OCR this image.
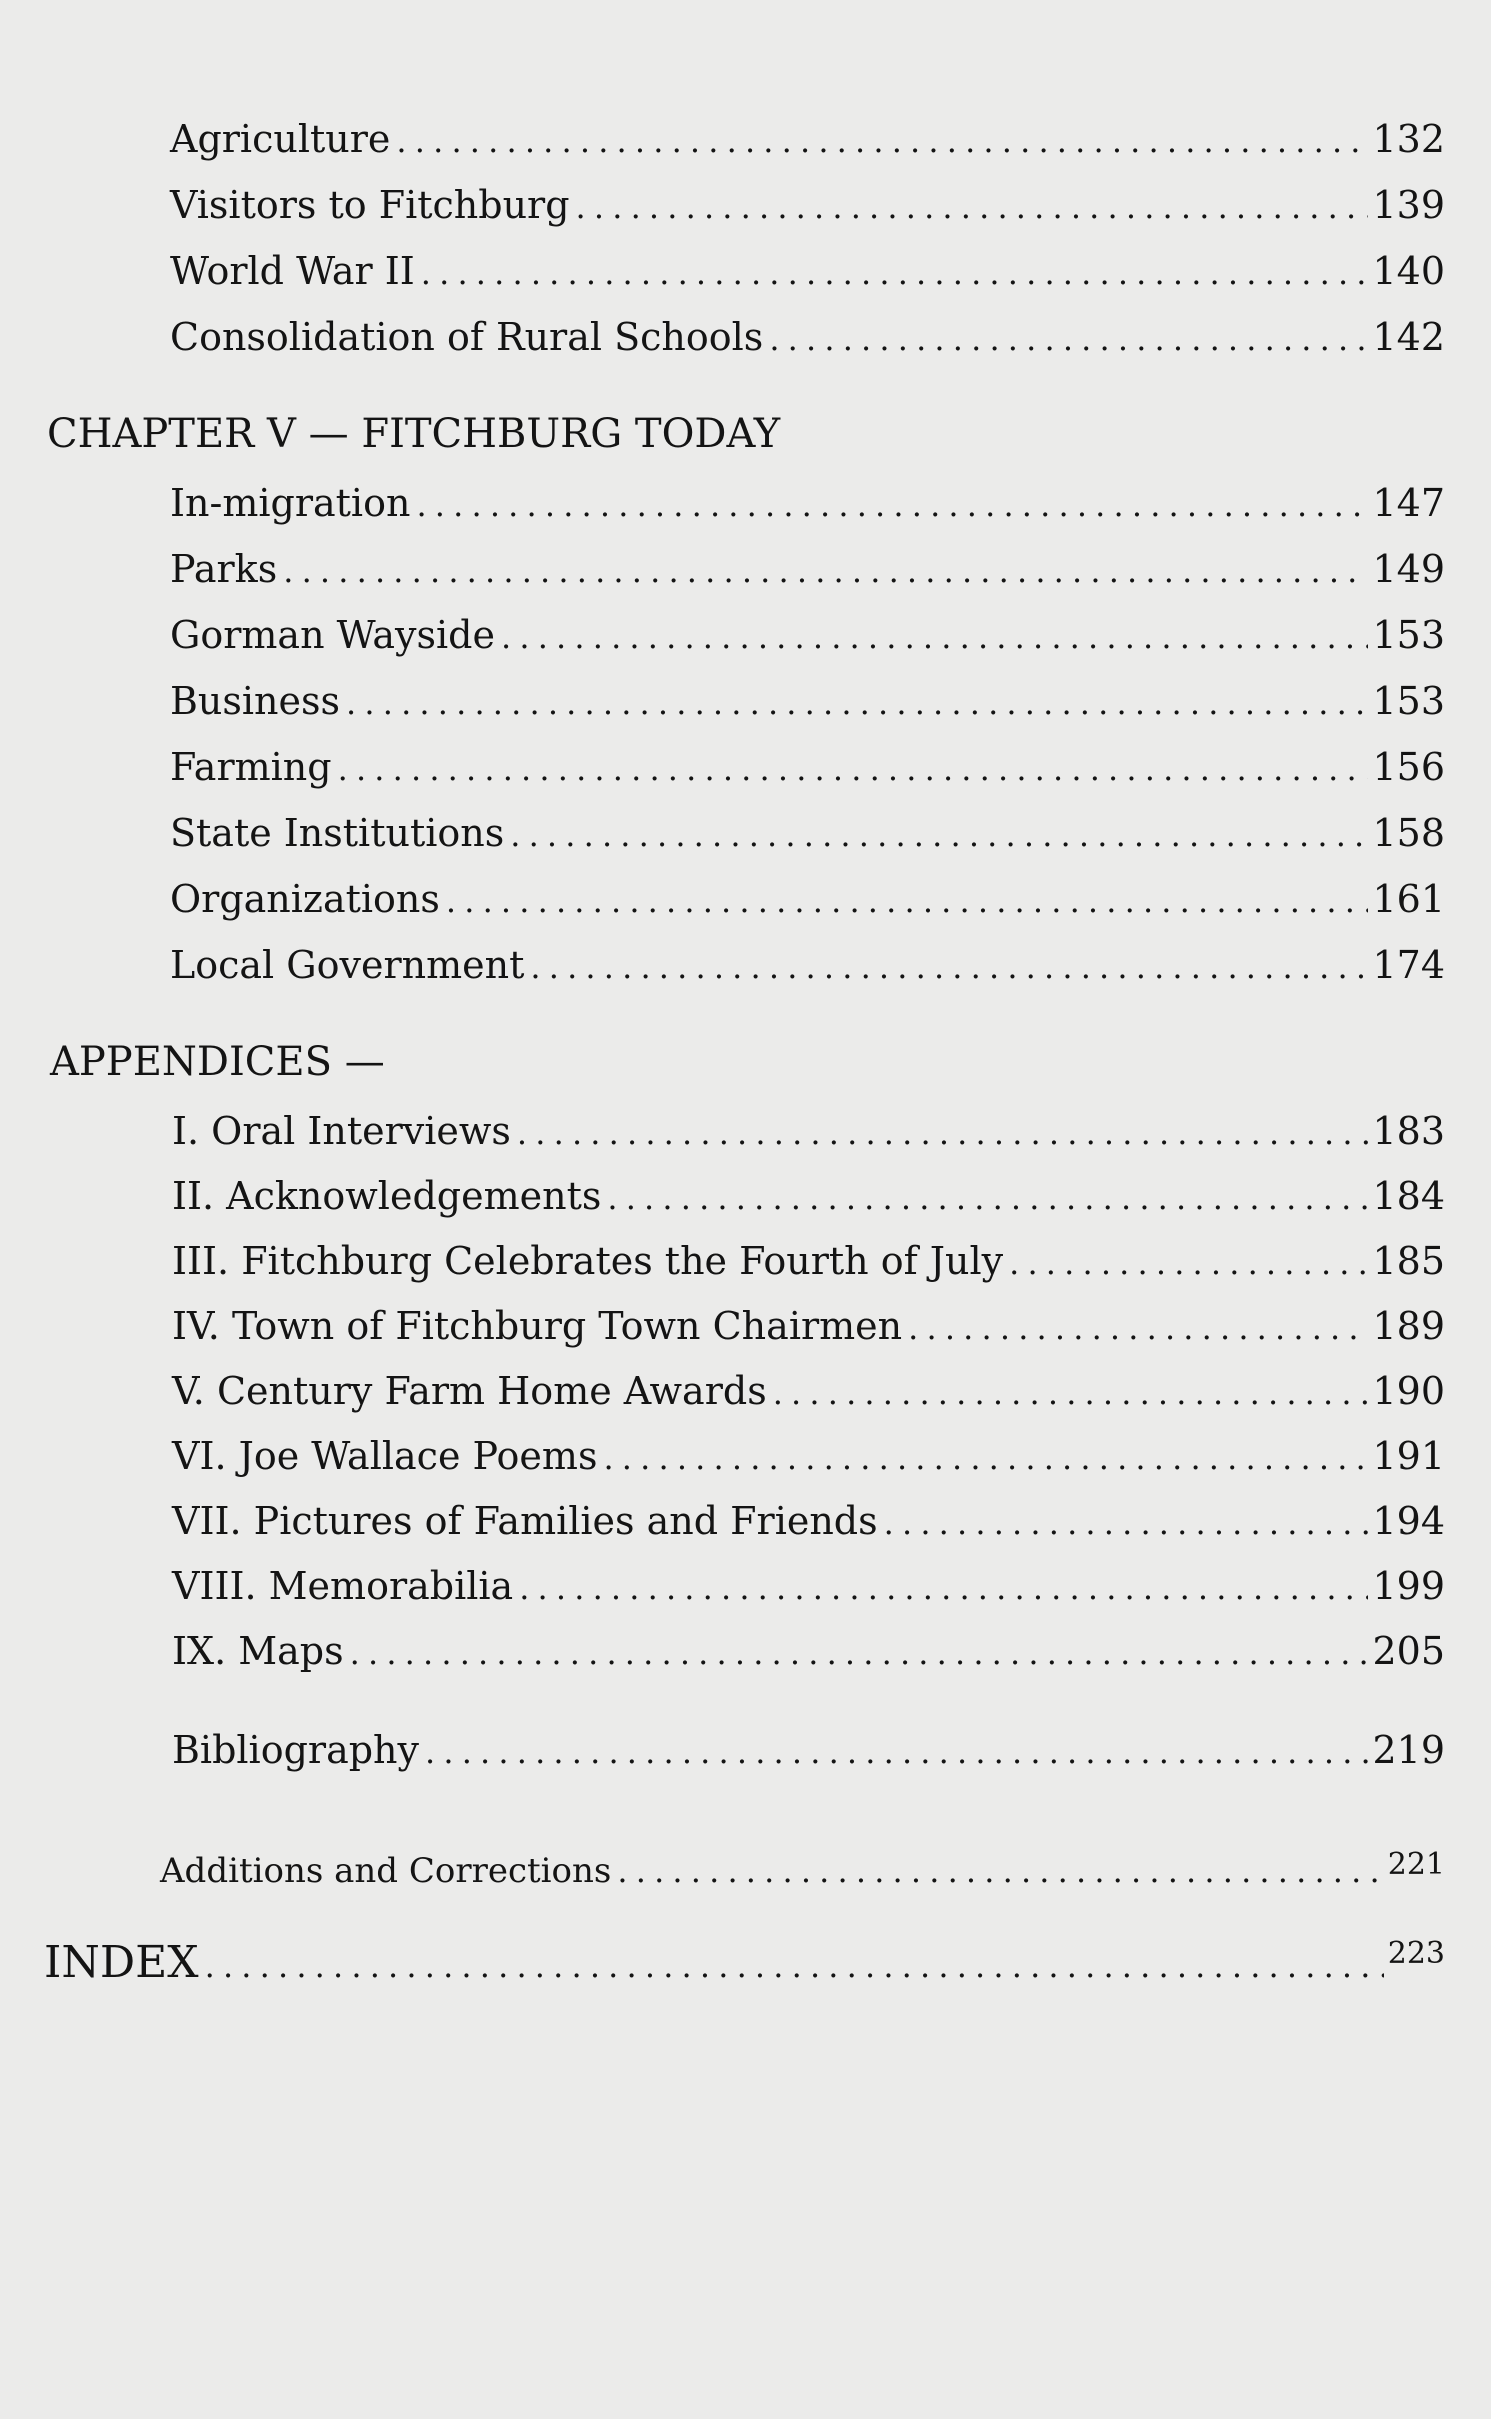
Agriculture . . .	132
Visitors to Fitchburg . . .	139
World War II . . .	140
Consolidation of Rural Schools . . .	142
CHAPTER V — FITCHBURG TODAY
In-migration . . .	147
Parks . . .	149
Gorman Wayside . . .	153
Business . . .	153
Farming . . .	156
State Institutions . . .	158
Organizations . . .	161
Local Government . . .	174
APPENDICES —
I. Oral Interviews . . .	183
II. Acknowledgements . . .	184
III. Fitchburg Celebrates the Fourth of July . . .	185
IV. Town of Fitchburg Town Chairmen . . .	189
V. Century Farm Home Awards . . .	190
VI. Joe Wallace Poems . . .	191
VII. Pictures of Families and Friends . . .	194
VIII. Memorabilia . . .	199
IX. Maps . . .	205
Bibliography . . .	219
Additions and Corrections . . .	221
INDEX . . .	223
